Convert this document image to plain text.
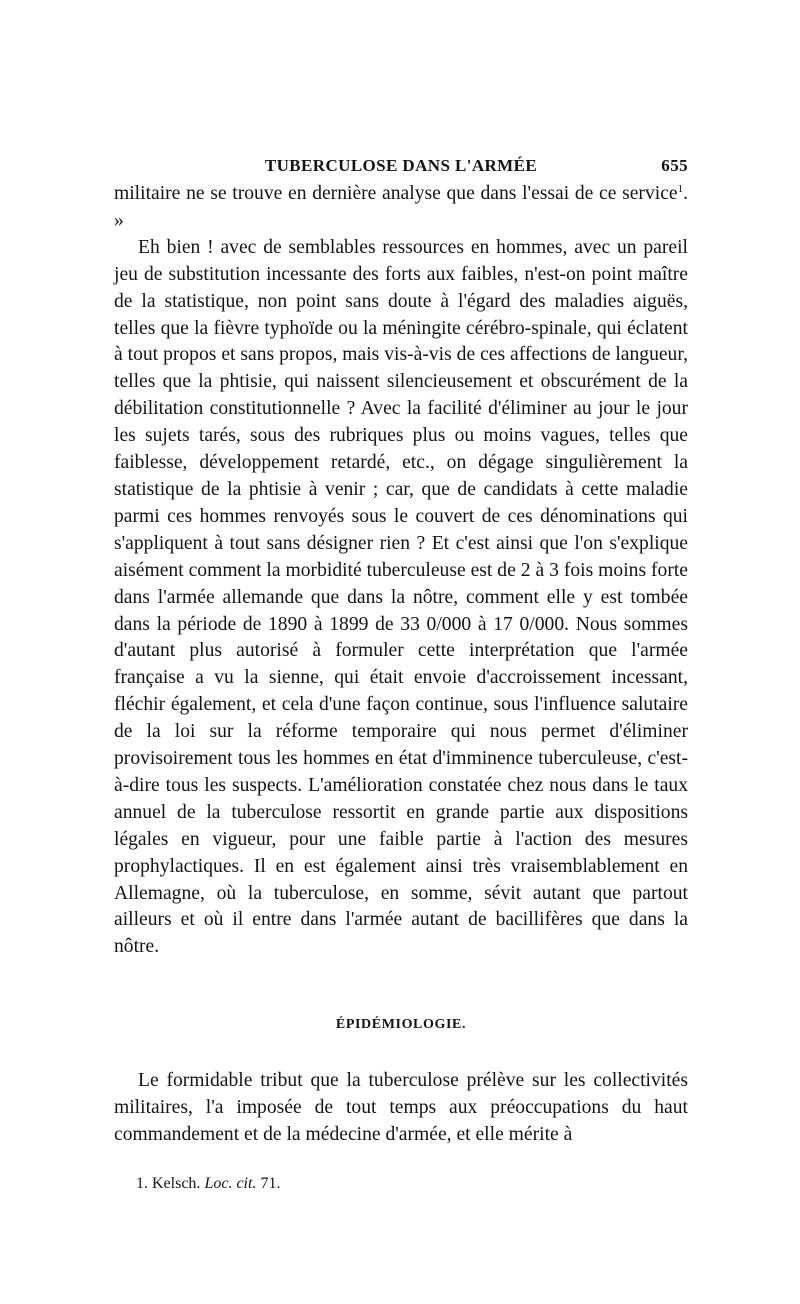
TUBERCULOSE DANS L'ARMÉE	655

militaire ne se trouve en dernière analyse que dans l'essai de ce service$^1$. »

Eh bien ! avec de semblables ressources en hommes, avec un pareil jeu de substitution incessante des forts aux faibles, n'est-on point maître de la statistique, non point sans doute à l'égard des maladies aiguës, telles que la fièvre typhoïde ou la méningite cérébro-spinale, qui éclatent à tout propos et sans propos, mais vis-à-vis de ces affections de langueur, telles que la phtisie, qui naissent silencieusement et obscurément de la débilitation constitutionnelle ? Avec la facilité d'éliminer au jour le jour les sujets tarés, sous des rubriques plus ou moins vagues, telles que faiblesse, développement retardé, etc., on dégage singulièrement la statistique de la phtisie à venir ; car, que de candidats à cette maladie parmi ces hommes renvoyés sous le couvert de ces dénominations qui s'appliquent à tout sans désigner rien ? Et c'est ainsi que l'on s'explique aisément comment la morbidité tuberculeuse est de 2 à 3 fois moins forte dans l'armée allemande que dans la nôtre, comment elle y est tombée dans la période de 1890 à 1899 de 33 0/000 à 17 0/000. Nous sommes d'autant plus autorisé à formuler cette interprétation que l'armée française a vu la sienne, qui était envoie d'accroissement incessant, fléchir également, et cela d'une façon continue, sous l'influence salutaire de la loi sur la réforme temporaire qui nous permet d'éliminer provisoirement tous les hommes en état d'imminence tuberculeuse, c'est-à-dire tous les suspects. L'amélioration constatée chez nous dans le taux annuel de la tuberculose ressortit en grande partie aux dispositions légales en vigueur, pour une faible partie à l'action des mesures prophylactiques. Il en est également ainsi très vraisemblablement en Allemagne, où la tuberculose, en somme, sévit autant que partout ailleurs et où il entre dans l'armée autant de bacillifères que dans la nôtre.

ÉPIDÉMIOLOGIE.

Le formidable tribut que la tuberculose prélève sur les collectivités militaires, l'a imposée de tout temps aux préoccupations du haut commandement et de la médecine d'armée, et elle mérite à

1. Kelsch. Loc. cit. 71.
